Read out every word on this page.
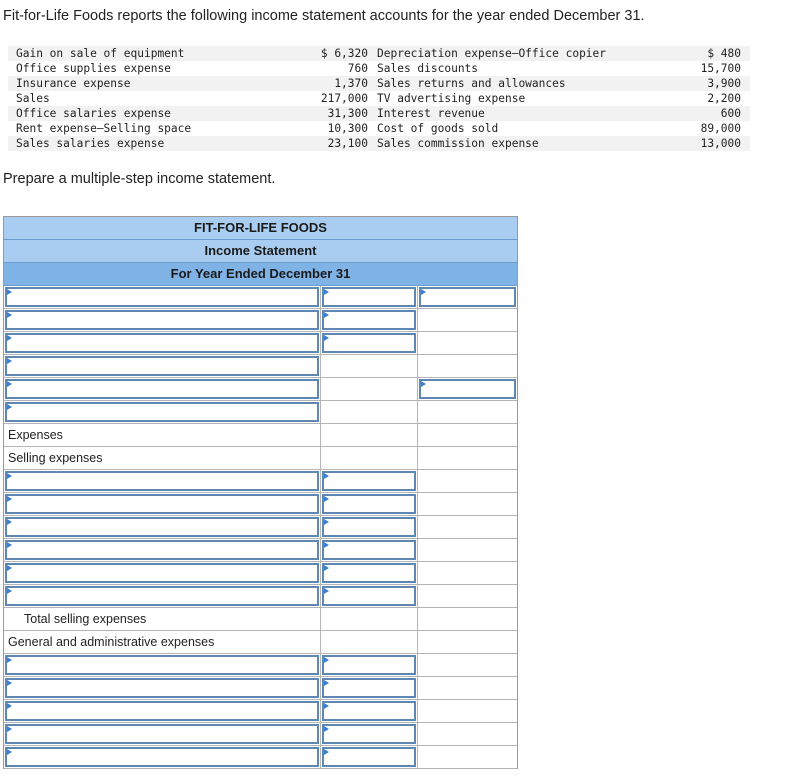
Fit-for-Life Foods reports the following income statement accounts for the year ended December 31.
Gain on sale of equipment	$ 6,320 Depreciation expense—Office copier	$ 480
Office supplies expense	760 Sales discounts	15,700
Insurance expense	1,370 Sales returns and allowances	3,900
Sales	217,000 TV advertising expense	2,200
Office salaries expense	31,300 Interest revenue	600
Rent expense—Selling space	10,300 Cost of goods sold	89,000
Sales salaries expense	23,100 Sales commission expense	13,000
Prepare a multiple-step income statement.
FIT-FOR-LIFE FOODS
Income Statement
For Year Ended December 31
Expenses
Selling expenses
Total selling expenses
General and administrative expenses
